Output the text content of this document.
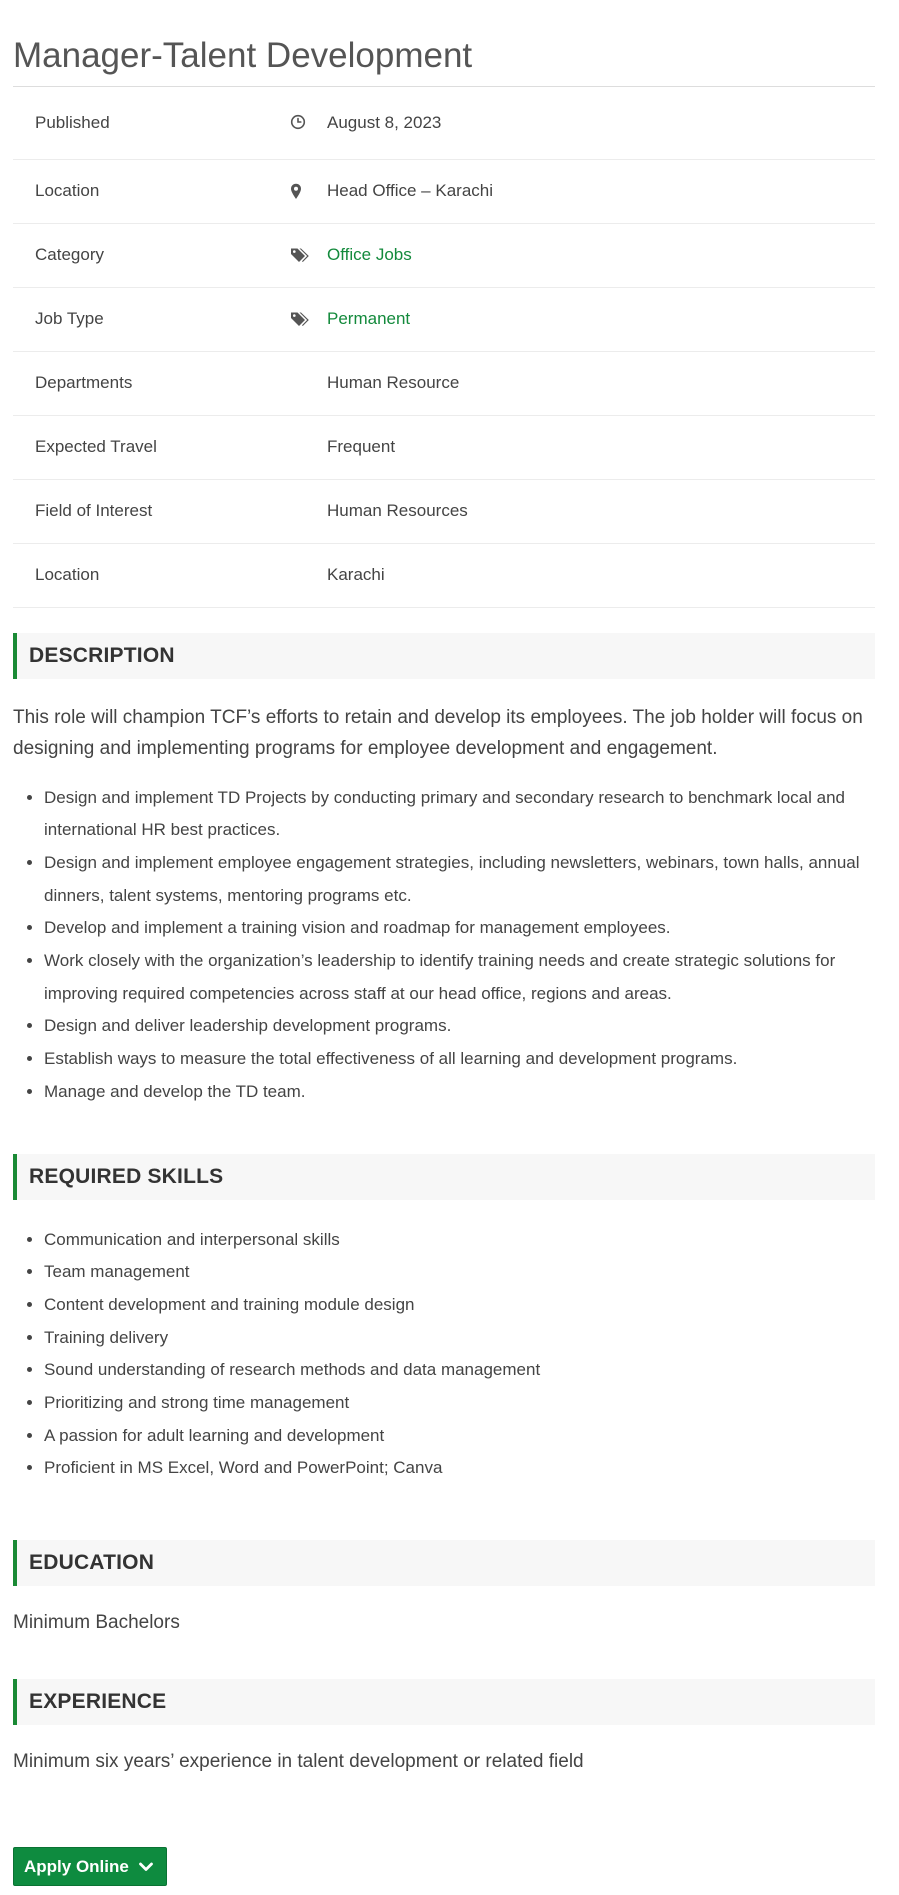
Manager-Talent Development
Published		August 8, 2023
Location		Head Office – Karachi
Category		Office Jobs
Job Type		Permanent
Departments		Human Resource
Expected Travel		Frequent
Field of Interest		Human Resources
Location		Karachi
DESCRIPTION

This role will champion TCF’s efforts to retain and develop its employees. The job holder will focus on designing and implementing programs for employee development and engagement.

• Design and implement TD Projects by conducting primary and secondary research to benchmark local and international HR best practices.
• Design and implement employee engagement strategies, including newsletters, webinars, town halls, annual dinners, talent systems, mentoring programs etc.
• Develop and implement a training vision and roadmap for management employees.
• Work closely with the organization’s leadership to identify training needs and create strategic solutions for improving required competencies across staff at our head office, regions and areas.
• Design and deliver leadership development programs.
• Establish ways to measure the total effectiveness of all learning and development programs.
• Manage and develop the TD team.
REQUIRED SKILLS
• Communication and interpersonal skills
• Team management
• Content development and training module design
• Training delivery
• Sound understanding of research methods and data management
• Prioritizing and strong time management
• A passion for adult learning and development
• Proficient in MS Excel, Word and PowerPoint; Canva
EDUCATION

Minimum Bachelors

EXPERIENCE

Minimum six years’ experience in talent development or related field

Apply Online
